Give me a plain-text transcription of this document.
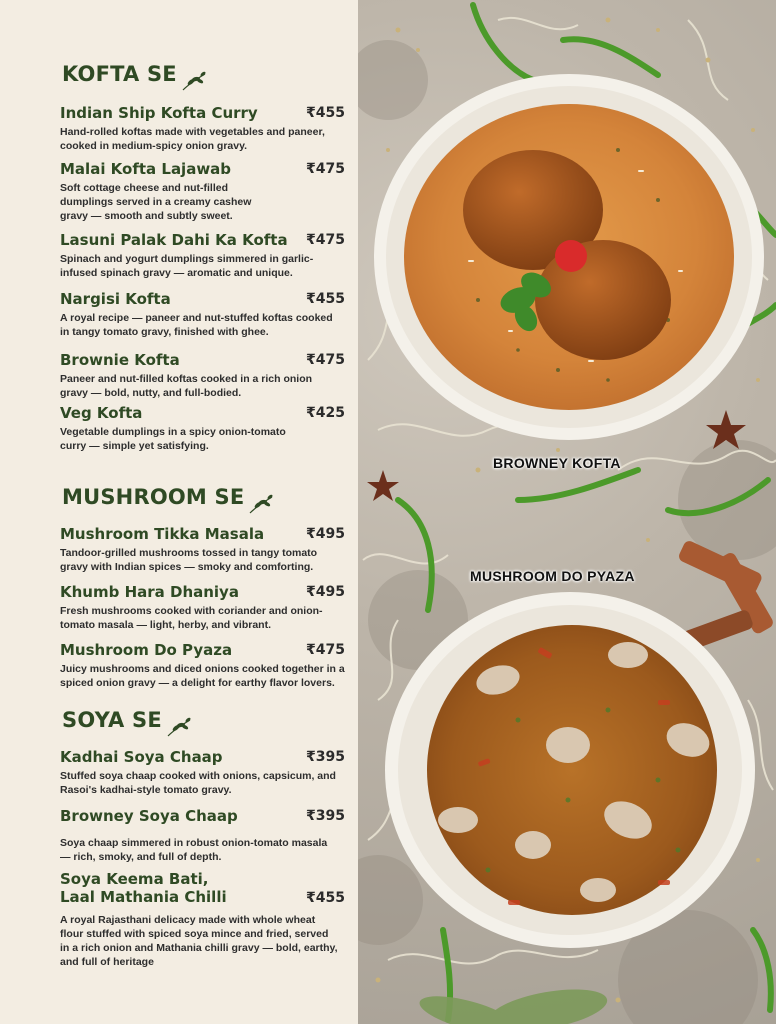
KOFTA SE
Indian Ship Kofta Curry	₹455
Hand-rolled koftas made with vegetables and paneer, cooked in medium-spicy onion gravy.
Malai Kofta Lajawab	₹475
Soft cottage cheese and nut-filled dumplings served in a creamy cashew gravy — smooth and subtly sweet.
Lasuni Palak Dahi Ka Kofta ₹475
Spinach and yogurt dumplings simmered in garlic-infused spinach gravy — aromatic and unique.
Nargisi Kofta	₹455
A royal recipe — paneer and nut-stuffed koftas cooked in tangy tomato gravy, finished with ghee.
Brownie Kofta	₹475
Paneer and nut-filled koftas cooked in a rich onion gravy — bold, nutty, and full-bodied.
Veg Kofta	₹425
Vegetable dumplings in a spicy onion-tomato curry — simple yet satisfying.
MUSHROOM SE
Mushroom Tikka Masala	₹495
Tandoor-grilled mushrooms tossed in tangy tomato gravy with Indian spices — smoky and comforting.
Khumb Hara Dhaniya	₹495
Fresh mushrooms cooked with coriander and onion-tomato masala — light, herby, and vibrant.
Mushroom Do Pyaza	₹475
Juicy mushrooms and diced onions cooked together in a spiced onion gravy — a delight for earthy flavor lovers.
SOYA SE
Kadhai Soya Chaap	₹395
Stuffed soya chaap cooked with onions, capsicum, and Rasoi's kadhai-style tomato gravy.
Browney Soya Chaap	₹395
Soya chaap simmered in robust onion-tomato masala — rich, smoky, and full of depth.
Soya Keema Bati,
Laal Mathania Chilli	₹455
A royal Rajasthani delicacy made with whole wheat flour stuffed with spiced soya mince and fried, served in a rich onion and Mathania chilli gravy — bold, earthy, and full of heritage
BROWNEY KOFTA
MUSHROOM DO PYAZA
